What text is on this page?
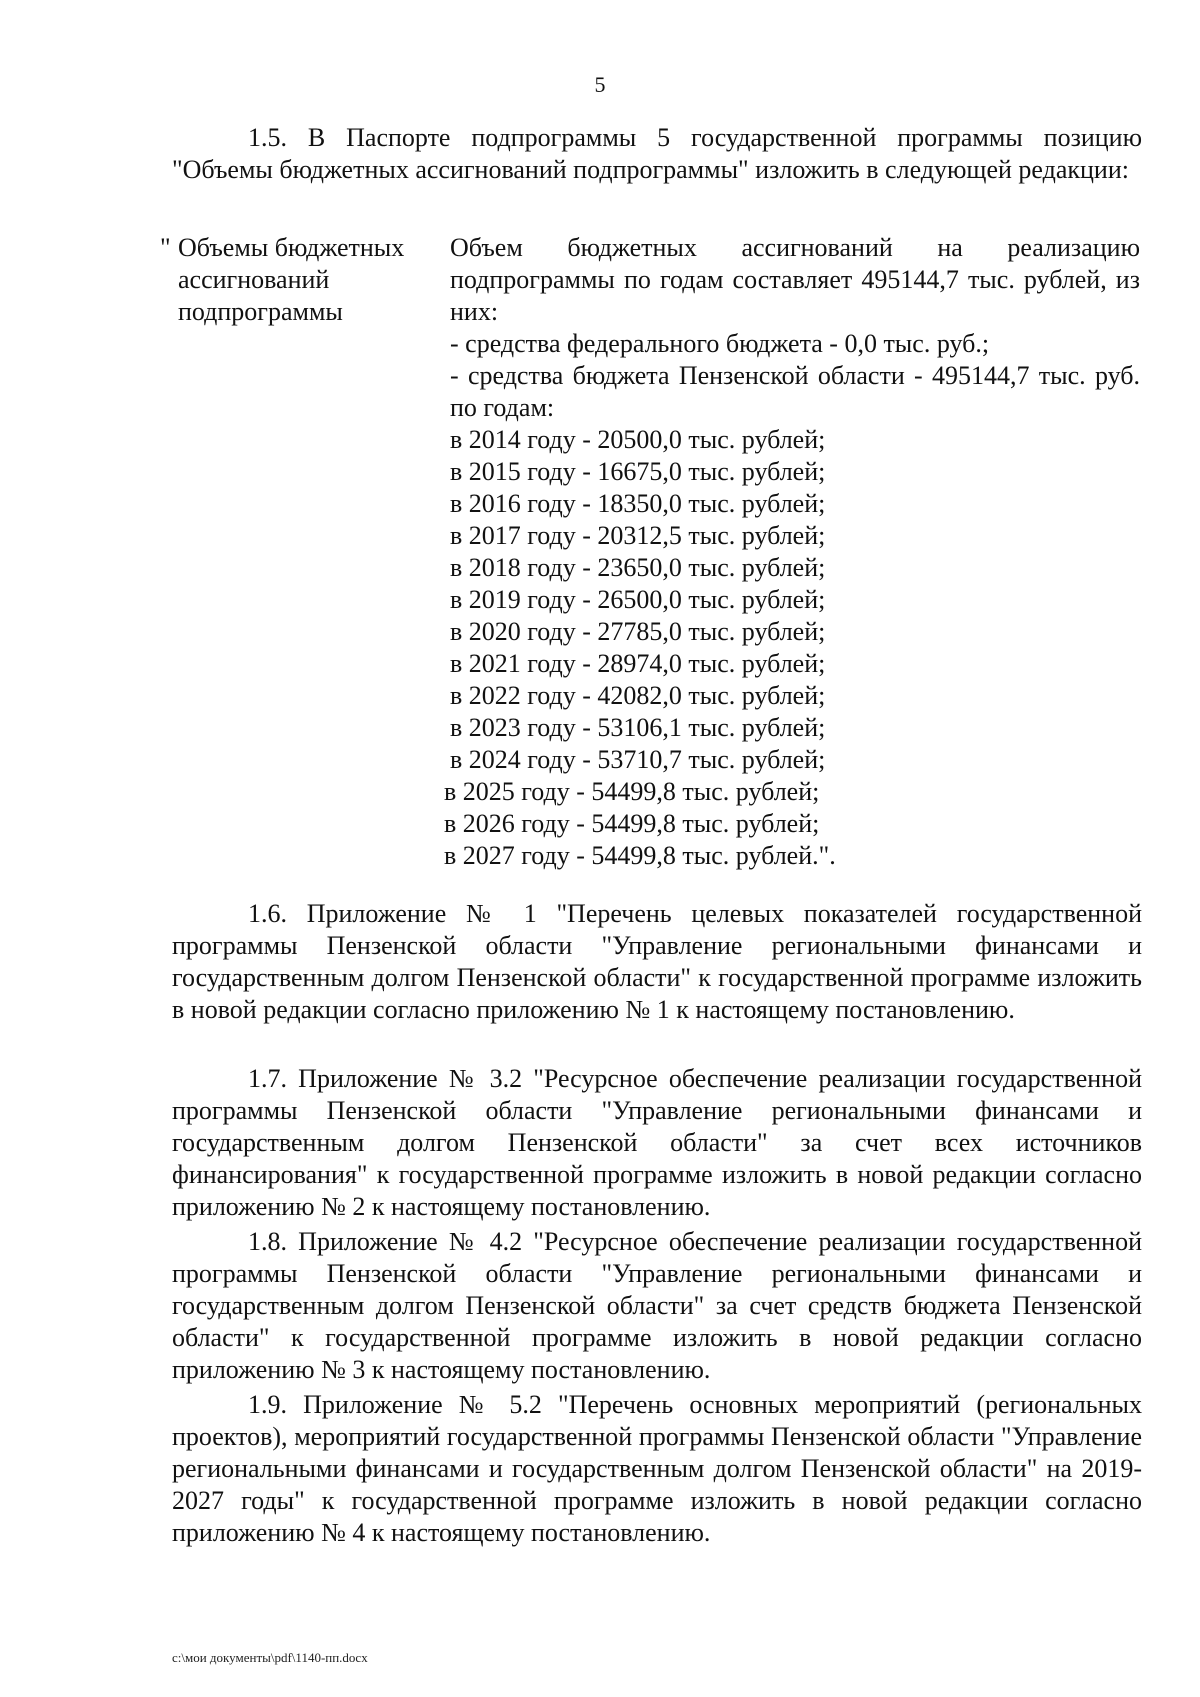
5

1.5. В Паспорте подпрограммы 5 государственной программы позицию "Объемы бюджетных ассигнований подпрограммы" изложить в следующей редакции:

" Объемы бюджетных
ассигнований
подпрограммы

Объем бюджетных ассигнований на реализацию подпрограммы по годам составляет 495144,7 тыс. рублей, из них:

- средства федерального бюджета - 0,0 тыс. руб.;

- средства бюджета Пензенской области - 495144,7 тыс. руб. по годам:

в 2014 году - 20500,0 тыс. рублей;
в 2015 году - 16675,0 тыс. рублей;
в 2016 году - 18350,0 тыс. рублей;
в 2017 году - 20312,5 тыс. рублей;
в 2018 году - 23650,0 тыс. рублей;
в 2019 году - 26500,0 тыс. рублей;
в 2020 году - 27785,0 тыс. рублей;
в 2021 году - 28974,0 тыс. рублей;
в 2022 году - 42082,0 тыс. рублей;
в 2023 году - 53106,1 тыс. рублей;
в 2024 году - 53710,7 тыс. рублей;
в 2025 году - 54499,8 тыс. рублей;
в 2026 году - 54499,8 тыс. рублей;
в 2027 году - 54499,8 тыс. рублей.".

1.6. Приложение № 1 "Перечень целевых показателей государственной программы Пензенской области "Управление региональными финансами и государственным долгом Пензенской области" к государственной программе изложить в новой редакции согласно приложению № 1 к настоящему постановлению.

1.7. Приложение № 3.2 "Ресурсное обеспечение реализации государственной программы Пензенской области "Управление региональными финансами и государственным долгом Пензенской области" за счет всех источников финансирования" к государственной программе изложить в новой редакции согласно приложению № 2 к настоящему постановлению.

1.8. Приложение № 4.2 "Ресурсное обеспечение реализации государственной программы Пензенской области "Управление региональными финансами и государственным долгом Пензенской области" за счет средств бюджета Пензенской области" к государственной программе изложить в новой редакции согласно приложению № 3 к настоящему постановлению.

1.9. Приложение № 5.2 "Перечень основных мероприятий (региональных проектов), мероприятий государственной программы Пензенской области "Управление региональными финансами и государственным долгом Пензенской области" на 2019-2027 годы" к государственной программе изложить в новой редакции согласно приложению № 4 к настоящему постановлению.

c:\мои документы\pdf\1140-пп.docx
